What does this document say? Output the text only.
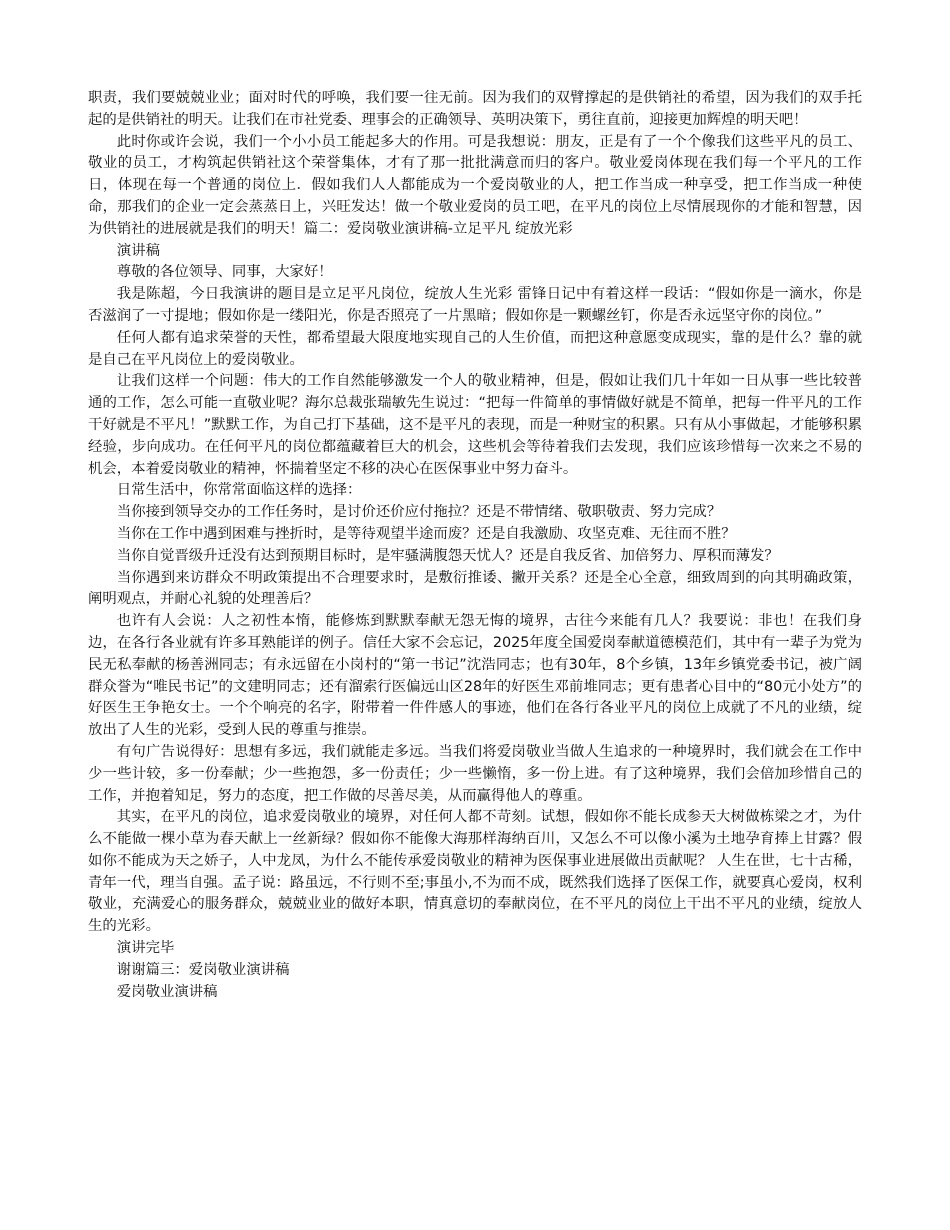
职责，我们要兢兢业业；面对时代的呼唤，我们要一往无前。因为我们的双臂撑起的是供销社的希望，因为我们的双手托起的是供销社的明天。让我们在市社党委、理事会的正确领导、英明决策下，勇往直前，迎接更加辉煌的明天吧！

此时你或许会说，我们一个小小员工能起多大的作用。可是我想说：朋友，正是有了一个个像我们这些平凡的员工、敬业的员工，才构筑起供销社这个荣誉集体，才有了那一批批满意而归的客户。敬业爱岗体现在我们每一个平凡的工作日，体现在每一个普通的岗位上．假如我们人人都能成为一个爱岗敬业的人，把工作当成一种享受，把工作当成一种使命，那我们的企业一定会蒸蒸日上，兴旺发达！做一个敬业爱岗的员工吧，在平凡的岗位上尽情展现你的才能和智慧，因为供销社的进展就是我们的明天！篇二：爱岗敬业演讲稿-立足平凡 绽放光彩

演讲稿

尊敬的各位领导、同事，大家好！

我是陈超，今日我演讲的题目是立足平凡岗位，绽放人生光彩 雷锋日记中有着这样一段话：“假如你是一滴水，你是否滋润了一寸提地；假如你是一缕阳光，你是否照亮了一片黑暗；假如你是一颗螺丝钉，你是否永远坚守你的岗位。”

任何人都有追求荣誉的天性，都希望最大限度地实现自己的人生价值，而把这种意愿变成现实，靠的是什么？靠的就是自己在平凡岗位上的爱岗敬业。

让我们这样一个问题：伟大的工作自然能够激发一个人的敬业精神，但是，假如让我们几十年如一日从事一些比较普通的工作，怎么可能一直敬业呢？海尔总裁张瑞敏先生说过：“把每一件简单的事情做好就是不简单，把每一件平凡的工作干好就是不平凡！”默默工作，为自己打下基础，这不是平凡的表现，而是一种财宝的积累。只有从小事做起，才能够积累经验，步向成功。在任何平凡的岗位都蕴藏着巨大的机会，这些机会等待着我们去发现，我们应该珍惜每一次来之不易的机会，本着爱岗敬业的精神，怀揣着坚定不移的决心在医保事业中努力奋斗。

日常生活中，你常常面临这样的选择：

当你接到领导交办的工作任务时，是讨价还价应付拖拉？还是不带情绪、敬职敬责、努力完成？

当你在工作中遇到困难与挫折时，是等待观望半途而废？还是自我激励、攻坚克难、无往而不胜？

当你自觉晋级升迁没有达到预期目标时，是牢骚满腹怨天忧人？还是自我反省、加倍努力、厚积而薄发？

当你遇到来访群众不明政策提出不合理要求时，是敷衍推诿、撇开关系？还是全心全意，细致周到的向其明确政策，阐明观点，并耐心礼貌的处理善后？

也许有人会说：人之初性本惰，能修炼到默默奉献无怨无悔的境界，古往今来能有几人？我要说：非也！在我们身边，在各行各业就有许多耳熟能详的例子。信任大家不会忘记，2025年度全国爱岗奉献道德模范们，其中有一辈子为党为民无私奉献的杨善洲同志；有永远留在小岗村的“第一书记”沈浩同志；也有30年，8个乡镇，13年乡镇党委书记，被广阔群众誉为“唯民书记”的文建明同志；还有溜索行医偏远山区28年的好医生邓前堆同志；更有患者心目中的“80元小处方”的好医生王争艳女士。一个个响亮的名字，附带着一件件感人的事迹，他们在各行各业平凡的岗位上成就了不凡的业绩，绽放出了人生的光彩，受到人民的尊重与推崇。

有句广告说得好：思想有多远，我们就能走多远。当我们将爱岗敬业当做人生追求的一种境界时，我们就会在工作中少一些计较，多一份奉献；少一些抱怨，多一份责任；少一些懒惰，多一份上进。有了这种境界，我们会倍加珍惜自己的工作，并抱着知足，努力的态度，把工作做的尽善尽美，从而赢得他人的尊重。

其实，在平凡的岗位，追求爱岗敬业的境界，对任何人都不苛刻。试想，假如你不能长成参天大树做栋梁之才，为什么不能做一棵小草为春天献上一丝新绿？假如你不能像大海那样海纳百川，又怎么不可以像小溪为土地孕育捧上甘露？假如你不能成为天之娇子，人中龙凤，为什么不能传承爱岗敬业的精神为医保事业进展做出贡献呢？ 人生在世，七十古稀，青年一代，理当自强。孟子说：路虽远，不行则不至;事虽小,不为而不成，既然我们选择了医保工作，就要真心爱岗，权利敬业，充满爱心的服务群众，兢兢业业的做好本职，情真意切的奉献岗位，在不平凡的岗位上干出不平凡的业绩，绽放人生的光彩。

演讲完毕

谢谢篇三：爱岗敬业演讲稿

爱岗敬业演讲稿
